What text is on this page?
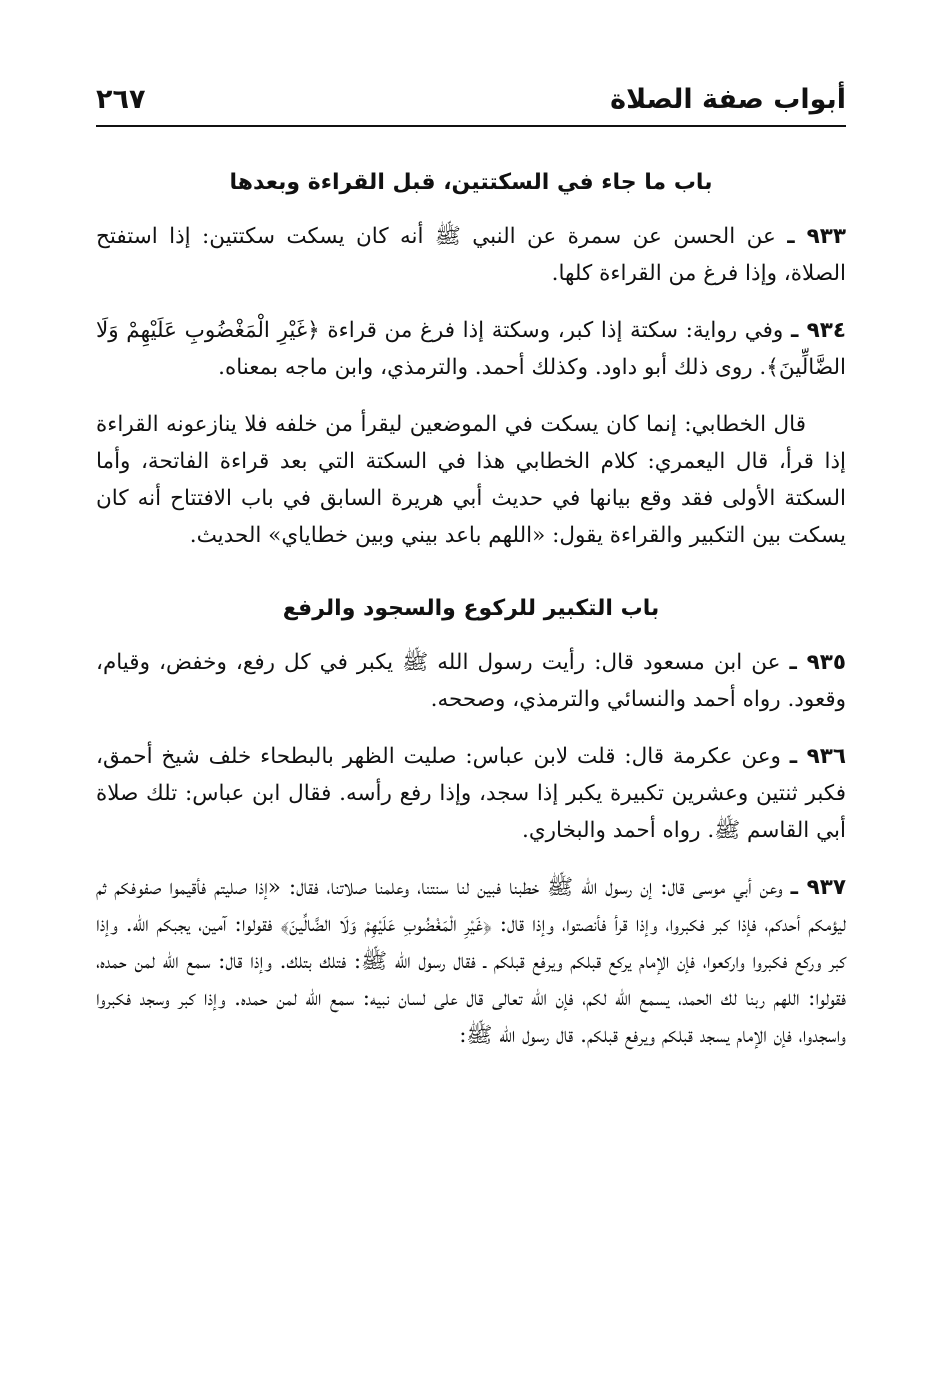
أبواب صفة الصلاة
٢٦٧
باب ما جاء في السكتتين، قبل القراءة وبعدها

٩٣٣ ـ عن الحسن عن سمرة عن النبي ﷺ أنه كان يسكت سكتتين: إذا استفتح الصلاة، وإذا فرغ من القراءة كلها.

٩٣٤ ـ وفي رواية: سكتة إذا كبر، وسكتة إذا فرغ من قراءة ﴿غَيْرِ الْمَغْضُوبِ عَلَيْهِمْ وَلَا الضَّالِّينَ﴾. روى ذلك أبو داود. وكذلك أحمد. والترمذي، وابن ماجه بمعناه.

قال الخطابي: إنما كان يسكت في الموضعين ليقرأ من خلفه فلا ينازعونه القراءة إذا قرأ، قال اليعمري: كلام الخطابي هذا في السكتة التي بعد قراءة الفاتحة، وأما السكتة الأولى فقد وقع بيانها في حديث أبي هريرة السابق في باب الافتتاح أنه كان يسكت بين التكبير والقراءة يقول: «اللهم باعد بيني وبين خطاياي» الحديث.

باب التكبير للركوع والسجود والرفع

٩٣٥ ـ عن ابن مسعود قال: رأيت رسول الله ﷺ يكبر في كل رفع، وخفض، وقيام، وقعود. رواه أحمد والنسائي والترمذي، وصححه.

٩٣٦ ـ وعن عكرمة قال: قلت لابن عباس: صليت الظهر بالبطحاء خلف شيخ أحمق، فكبر ثنتين وعشرين تكبيرة يكبر إذا سجد، وإذا رفع رأسه. فقال ابن عباس: تلك صلاة أبي القاسم ﷺ. رواه أحمد والبخاري.

٩٣٧ ـ وعن أبي موسى قال: إن رسول الله ﷺ خطبنا فبين لنا سنتنا، وعلمنا صلاتنا، فقال: «إذا صليتم فأقيموا صفوفكم ثم ليؤمكم أحدكم، فإذا كبر فكبروا، وإذا قرأ فأنصتوا، وإذا قال: ﴿غَيْرِ الْمَغْضُوبِ عَلَيْهِمْ وَلَا الضَّالِّينَ﴾ فقولوا: آمين، يجبكم الله. وإذا كبر وركع فكبروا واركعوا، فإن الإمام يركع قبلكم ويرفع قبلكم ـ فقال رسول الله ﷺ: فتلك بتلك. وإذا قال: سمع الله لمن حمده، فقولوا: اللهم ربنا لك الحمد، يسمع الله لكم، فإن الله تعالى قال على لسان نبيه: سمع الله لمن حمده. وإذا كبر وسجد فكبروا واسجدوا، فإن الإمام يسجد قبلكم ويرفع قبلكم. قال رسول الله ﷺ:
